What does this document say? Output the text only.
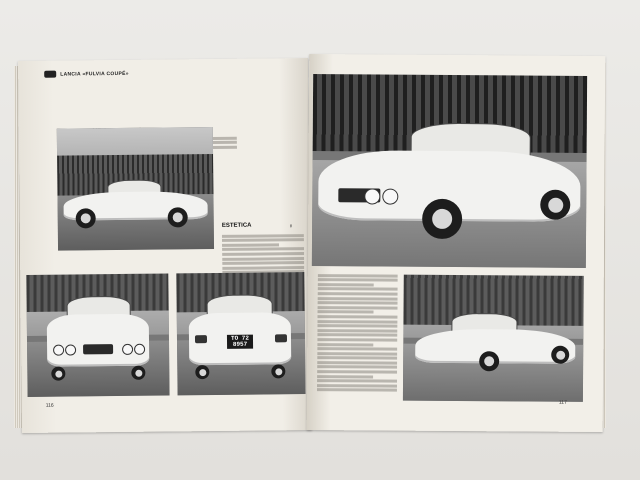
LANCIA «FULVIA COUPÉ»
ESTETICA	8
TO 72 8957
116	117
